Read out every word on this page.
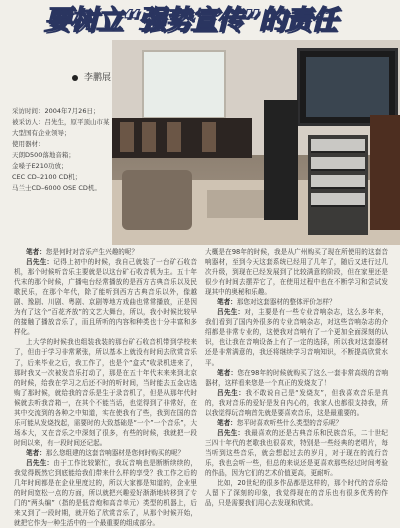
要树立“强势宣传”的责任
李鹏展
采访时间：2004年7月26日；
被采访人：吕先生，原平顶山市某
大型国有企业领导；
使用器材：
天朗D500落地音箱；
金嗓子E210功放；
CEC CD–2100 CD机；
马兰士CD–6000 OSE CD机。

笔者：您是何时对音乐产生兴趣的呢？

吕先生：记得上初中的时候，我自己就装了一台矿石收音机，那个时候听音乐主要就是以这台矿石收音机为主。五十年代末的那个时候，广播电台经常播放的是西方古典音乐以及民歌民乐，在那个年代，除了能听到西方古典音乐以外，像越剧、豫剧、川剧、粤剧、京剧等地方戏曲也常常播放，正是因为有了这个“百花齐放”的文艺大舞台，所以，我小时候比较早的接触了播放音乐了，而且所听的内容和种类也十分丰富和多样化。

上大学的时候我也组装我装的那台矿石收音机带到学校来了，但由于学习非常紧张，所以基本上就没有时间去欣赏音乐了，后来毕业之后，我工作了，也是个“盒式”收录机进来了，那时我又一次被发音乐打动了，那是在五十年代末来来到北京的时候，给我在学习之后还不时的听时间，当时能去五金店选购了那时候，就给我的音乐是生于录音机了，但是从那年代时候就去听我音箱一，在其个不能当话，也觉得到了非常好，在其中交流到的各种之中知道，实在使我有了些，我到在国的音乐可能从发烧找起，需要时的大致基础是“一个”一个音乐”，大场本大，又在音乐之中深刻了很多，有些的时候，我就把一段时间以来，有一段时间还记起。

笔者：那么您组建的这套音响器材是您何时购买的呢？

吕先生：由于工作比较繁忙，我玩音响也是断断续续的，我觉得既然它到底能给我们带来什么样的享受？我工作之后的几年时间都是在企业里度过的，所以大家都是知道的，企业里的时间宽松一点的方面，所以就把兴趣爱好渐渐地转移到了专门的“两头编”（指的是低音炮和高音单元）类型的机器上，后来又到了一段时期，就开始了欣赏音乐了，从那个时候开始，就把它作为一种生活中的一个最重要的组成部分。

大概是在98年的时候，我是从广州购买了现在所使用的这套音响器材，至到今天这套系统已经用了几年了，随后又进行过几次升级，到现在已经发展到了比较满意的阶段，但在家里还是很少有时间去摆弄它了，在使用过程中也在不断学习和尝试发现其中的奥秘和乐趣。

笔者：那您对这套器材的整体评价怎样？

吕先生：对，主要是有一些专业音响杂志，这么多年来，我们看到了国内外很多的专业音响杂志，对这些音响杂志的介绍都是非常专业的，这使我对音响有了一个更加全面深刻的认识，也让我在音响设备上有了一定的选择，所以我对这套器材还是非常满意的，我还将继续学习音响知识，不断提高欣赏水平。

笔者：您在98年的时候就购买了这么一套非常高级的音响器材，这样看来您是一个真正的发烧友了！

吕先生：我不敢说自己是“发烧友”，但我喜欢音乐是真的，我对音乐的爱好是发自内心的，我家人也都很支持我，所以我觉得玩音响首先就是要喜欢音乐，这是最重要的。

笔者：您平时喜欢听些什么类型的音乐呢？

吕先生：我最喜欢的还是古典音乐和民族音乐，二十世纪三四十年代的老歌我也很喜欢，特别是一些经典的老唱片，每当听到这些音乐，就会想起过去的岁月，对于现在的流行音乐，我也会听一些，但总的来说还是更喜欢那些经过时间考验的作品，因为它们的艺术价值更高，更耐听。

比如，20世纪的很多作品都是这样的，那个时代的音乐给人留下了深刻的印象，我觉得现在的音乐也有很多优秀的作品，只是需要我们用心去发现和欣赏。
